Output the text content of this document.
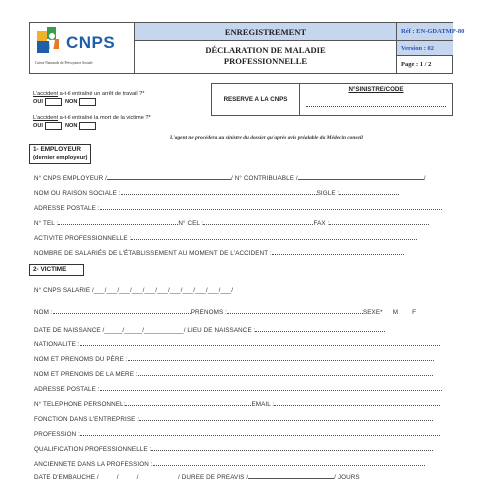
CNPS
Caisse Nationale de Prévoyance Sociale
ENREGISTREMENT
DÉCLARATION DE MALADIE
PROFESSIONNELLE
Réf : EN-GDATMP-80
Version : 02
Page : 1 / 2
L'accident a-t-il entraîné un arrêt de travail ?*
OUI	NON
L'accident a-t-il entraîné la mort de la victime ?*
OUI	NON
RESERVE A LA CNPS
N°SINISTRE/CODE
L'agent ne procédera au sinistre du dossier qu'après avis préalable du Médecin conseil
1- EMPLOYEUR
(dernier employeur)
N° CNPS EMPLOYEUR /	/ N° CONTRIBUABLE /	/
NOM OU RAISON SOCIALE :	SIGLE :
ADRESSE POSTALE :
N° TEL :	N° CEL :	FAX :
ACTIVITE PROFESSIONNELLE :
NOMBRE DE SALARIÉS DE L'ÉTABLISSEMENT AU MOMENT DE L'ACCIDENT :
2- VICTIME
N° CNPS SALARIE /___/___/___/___/___/___/___/___/___/___/___/
NOM :	PRENOMS :	SEXE* M F
DATE DE NAISSANCE /_____/_____/___________/ LIEU DE NAISSANCE :
NATIONALITE :
NOM ET PRENOMS DU PÈRE :
NOM ET PRENOMS DE LA MERE :
ADRESSE POSTALE :
N° TELEPHONE PERSONNEL:	EMAIL :
FONCTION DANS L'ENTREPRISE :
PROFESSION :
QUALIFICATION PROFESSIONNELLE :
ANCIENNETE DANS LA PROFESSION :
DATE D'EMBAUCHE /_____/_____/___________/ DUREE DE PREAVIS /	/ JOURS
